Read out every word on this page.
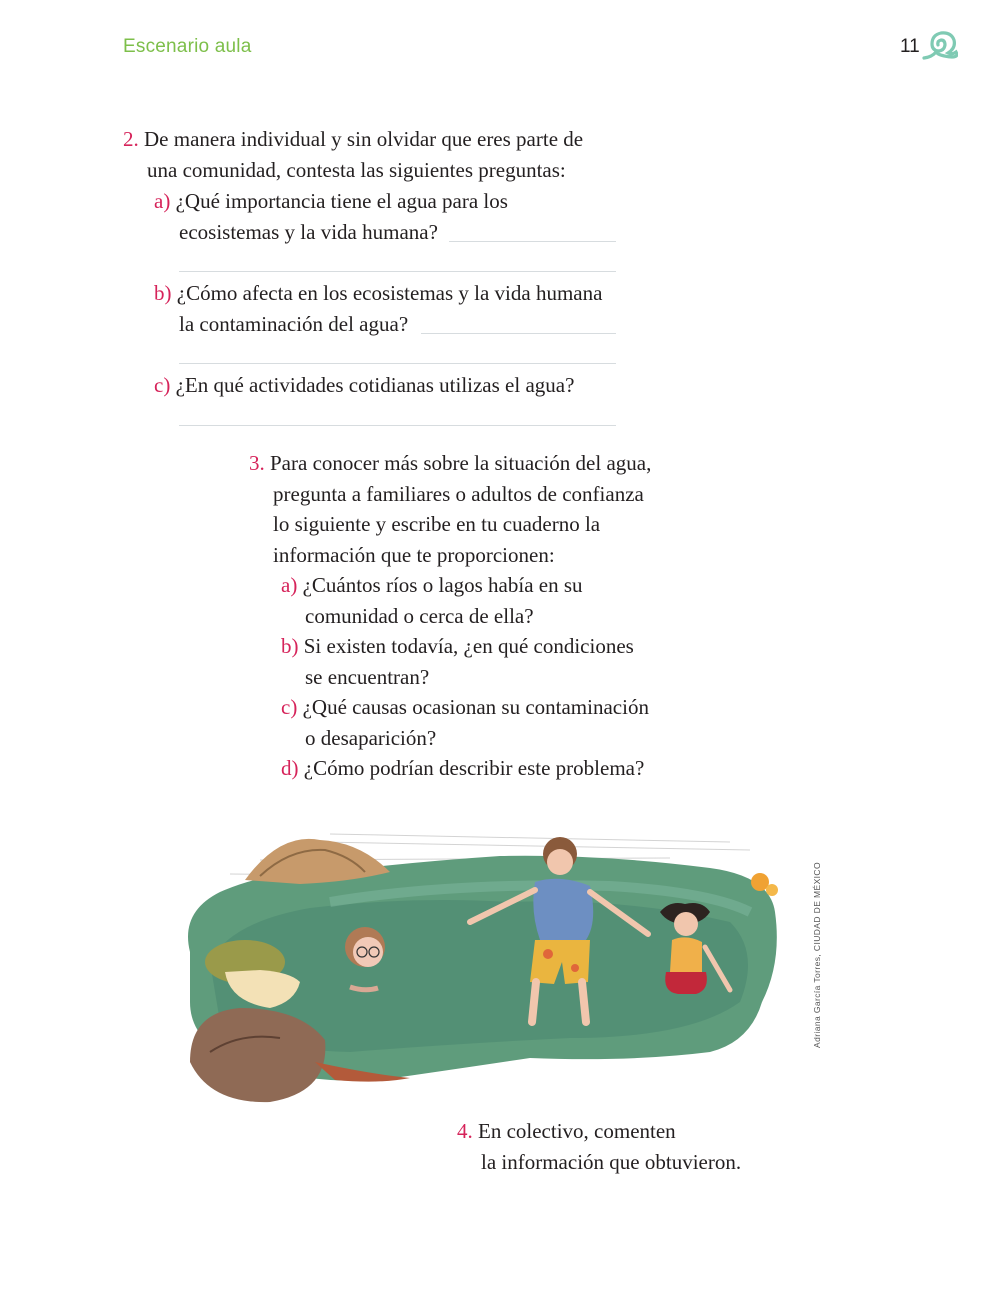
Escenario aula	11
2. De manera individual y sin olvidar que eres parte de
una comunidad, contesta las siguientes preguntas:
a) ¿Qué importancia tiene el agua para los
ecosistemas y la vida humana?
b) ¿Cómo afecta en los ecosistemas y la vida humana
la contaminación del agua?
c) ¿En qué actividades cotidianas utilizas el agua?
3. Para conocer más sobre la situación del agua,
pregunta a familiares o adultos de confianza
lo siguiente y escribe en tu cuaderno la
información que te proporcionen:
a) ¿Cuántos ríos o lagos había en su
comunidad o cerca de ella?
b) Si existen todavía, ¿en qué condiciones
se encuentran?
c) ¿Qué causas ocasionan su contaminación
o desaparición?
d) ¿Cómo podrían describir este problema?
Adriana García Torres, CIUDAD DE MÉXICO
4. En colectivo, comenten
la información que obtuvieron.
